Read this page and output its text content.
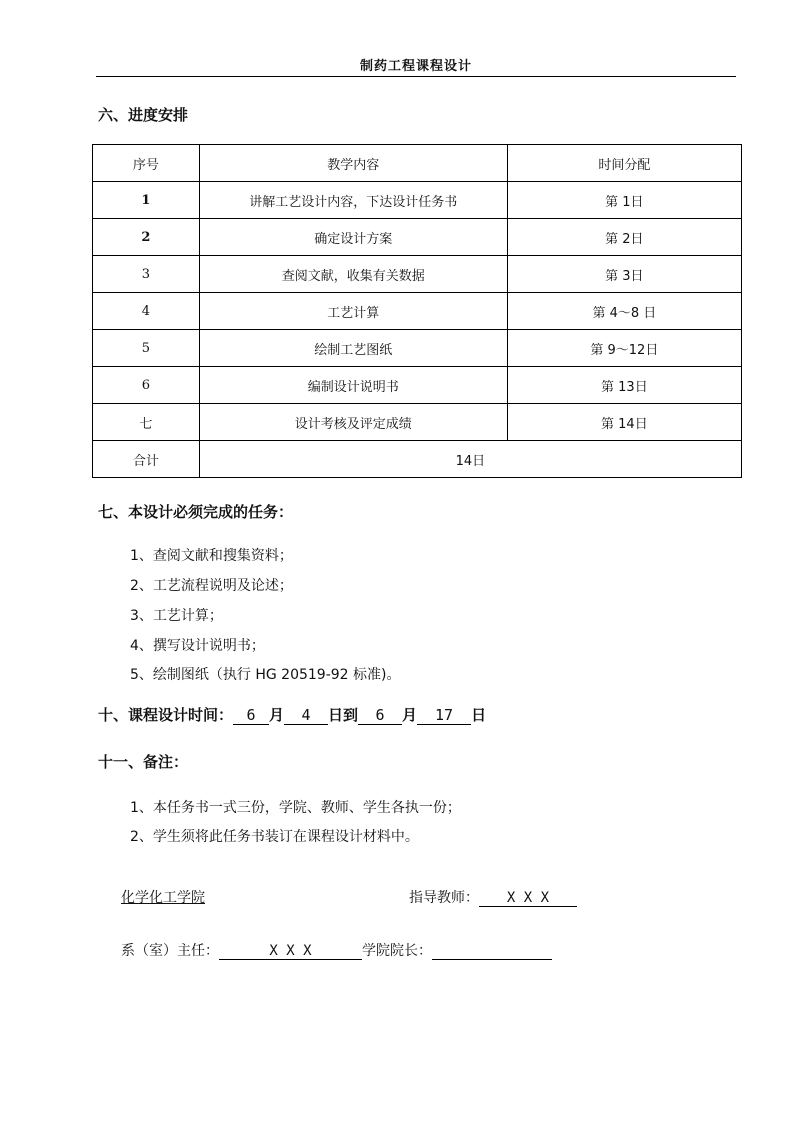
制药工程课程设计
六、进度安排
序号	教学内容	时间分配
1	讲解工艺设计内容，下达设计任务书	第 1日
2	确定设计方案	第 2日
3	查阅文献，收集有关数据	第 3日
4	工艺计算	第 4～8 日
5	绘制工艺图纸	第 9～12日
6	编制设计说明书	第 13日
七	设计考核及评定成绩	第 14日
合计	14日	
七、本设计必须完成的任务：
1、查阅文献和搜集资料；
2、工艺流程说明及论述；
3、工艺计算；
4、撰写设计说明书；
5、绘制图纸（执行 HG 20519-92 标准)。
十、课程设计时间： 6 月 4 日到 6 月 17 日
十一、备注：
1、本任务书一式三份，学院、教师、学生各执一份；
2、学生须将此任务书装订在课程设计材料中。
化学化工学院	指导教师： X X X
系（室）主任：	X X X	学院院长：
